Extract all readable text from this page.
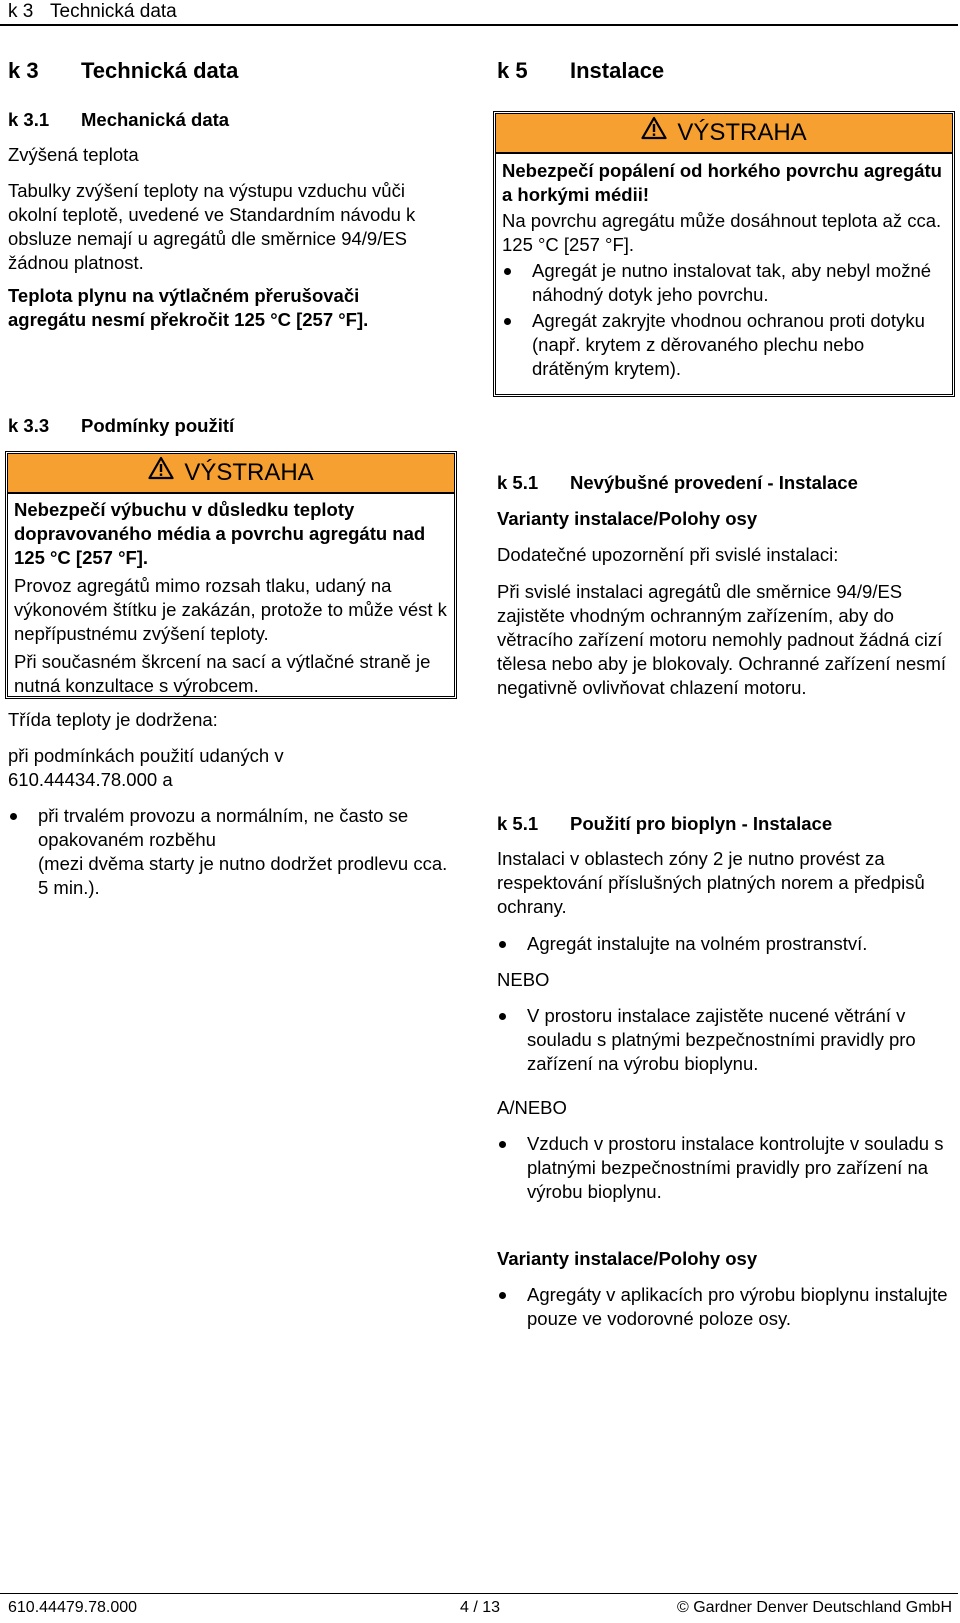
k 3 Technická data
k 3 Technická data
k 3.1 Mechanická data

Zvýšená teplota

Tabulky zvýšení teploty na výstupu vzduchu vůči okolní teplotě, uvedené ve Standardním návodu k obsluze nemají u agregátů dle směrnice 94/9/ES žádnou platnost.

Teplota plynu na výtlačném přerušovači agregátu nesmí překročit 125 °C [257 °F].

k 3.3 Podmínky použití
VÝSTRAHA

Nebezpečí výbuchu v důsledku teploty dopravovaného média a povrchu agregátu nad 125 °C [257 °F].

Provoz agregátů mimo rozsah tlaku, udaný na výkonovém štítku je zakázán, protože to může vést k nepřípustnému zvýšení teploty.

Při současném škrcení na sací a výtlačné straně je nutná konzultace s výrobcem.

Třída teploty je dodržena:

při podmínkách použití udaných v 610.44434.78.000 a

při trvalém provozu a normálním, ne často se opakovaném rozběhu
(mezi dvěma starty je nutno dodržet prodlevu cca. 5 min.).
k 5 Instalace
VÝSTRAHA

Nebezpečí popálení od horkého povrchu agregátu a horkými médii!

Na povrchu agregátu může dosáhnout teplota až cca. 125 °C [257 °F].

Agregát je nutno instalovat tak, aby nebyl možné náhodný dotyk jeho povrchu.
Agregát zakryjte vhodnou ochranou proti dotyku (např. krytem z děrovaného plechu nebo drátěným krytem).
k 5.1 Nevýbušné provedení - Instalace

Varianty instalace/Polohy osy

Dodatečné upozornění při svislé instalaci:

Při svislé instalaci agregátů dle směrnice 94/9/ES zajistěte vhodným ochranným zařízením, aby do větracího zařízení motoru nemohly padnout žádná cizí tělesa nebo aby je blokovaly. Ochranné zařízení nesmí negativně ovlivňovat chlazení motoru.

k 5.1 Použití pro bioplyn - Instalace

Instalaci v oblastech zóny 2 je nutno provést za respektování příslušných platných norem a předpisů ochrany.

Agregát instalujte na volném prostranství.

NEBO

V prostoru instalace zajistěte nucené větrání v souladu s platnými bezpečnostními pravidly pro zařízení na výrobu bioplynu.

A/NEBO

Vzduch v prostoru instalace kontrolujte v souladu s platnými bezpečnostními pravidly pro zařízení na výrobu bioplynu.

Varianty instalace/Polohy osy

Agregáty v aplikacích pro výrobu bioplynu instalujte pouze ve vodorovné poloze osy.
610.44479.78.000	4 / 13	© Gardner Denver Deutschland GmbH
